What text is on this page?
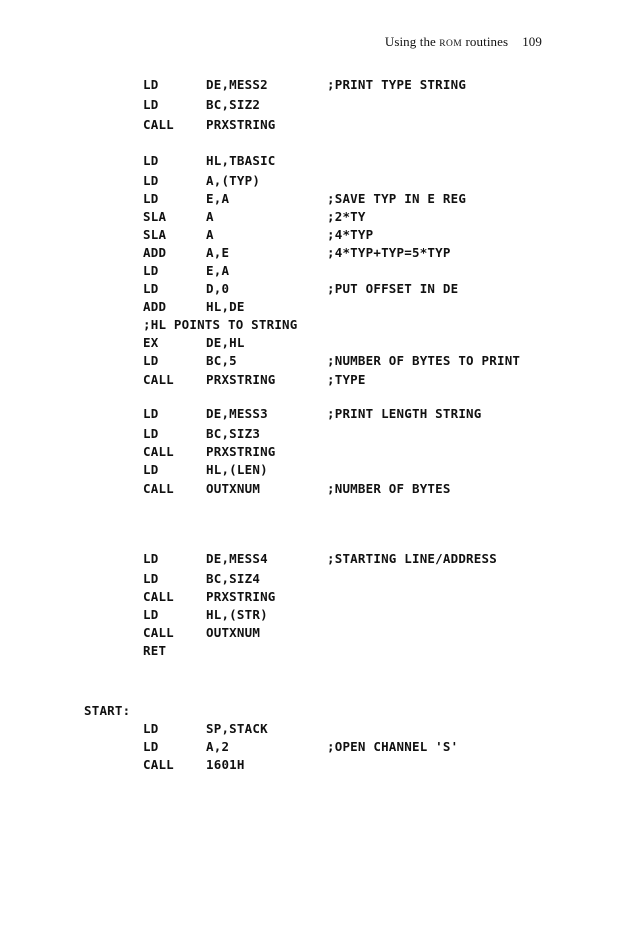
Using the ROM routines 109
LD	DE,MESS2	;PRINT TYPE STRING
LD	BC,SIZ2
CALL	PRXSTRING
LD	HL,TBASIC
LD	A,(TYP)
LD	E,A	;SAVE TYP IN E REG
SLA	A	;2*TY
SLA	A	;4*TYP
ADD	A,E	;4*TYP+TYP=5*TYP
LD	E,A
LD	D,0	;PUT OFFSET IN DE
ADD	HL,DE
;HL POINTS TO STRING
EX	DE,HL
LD	BC,5	;NUMBER OF BYTES TO PRINT
CALL	PRXSTRING	;TYPE
LD	DE,MESS3	;PRINT LENGTH STRING
LD	BC,SIZ3
CALL	PRXSTRING
LD	HL,(LEN)
CALL	OUTXNUM	;NUMBER OF BYTES
LD	DE,MESS4	;STARTING LINE/ADDRESS
LD	BC,SIZ4
CALL	PRXSTRING
LD	HL,(STR)
CALL	OUTXNUM
RET
START:
LD	SP,STACK
LD	A,2	;OPEN CHANNEL 'S'
CALL	1601H
